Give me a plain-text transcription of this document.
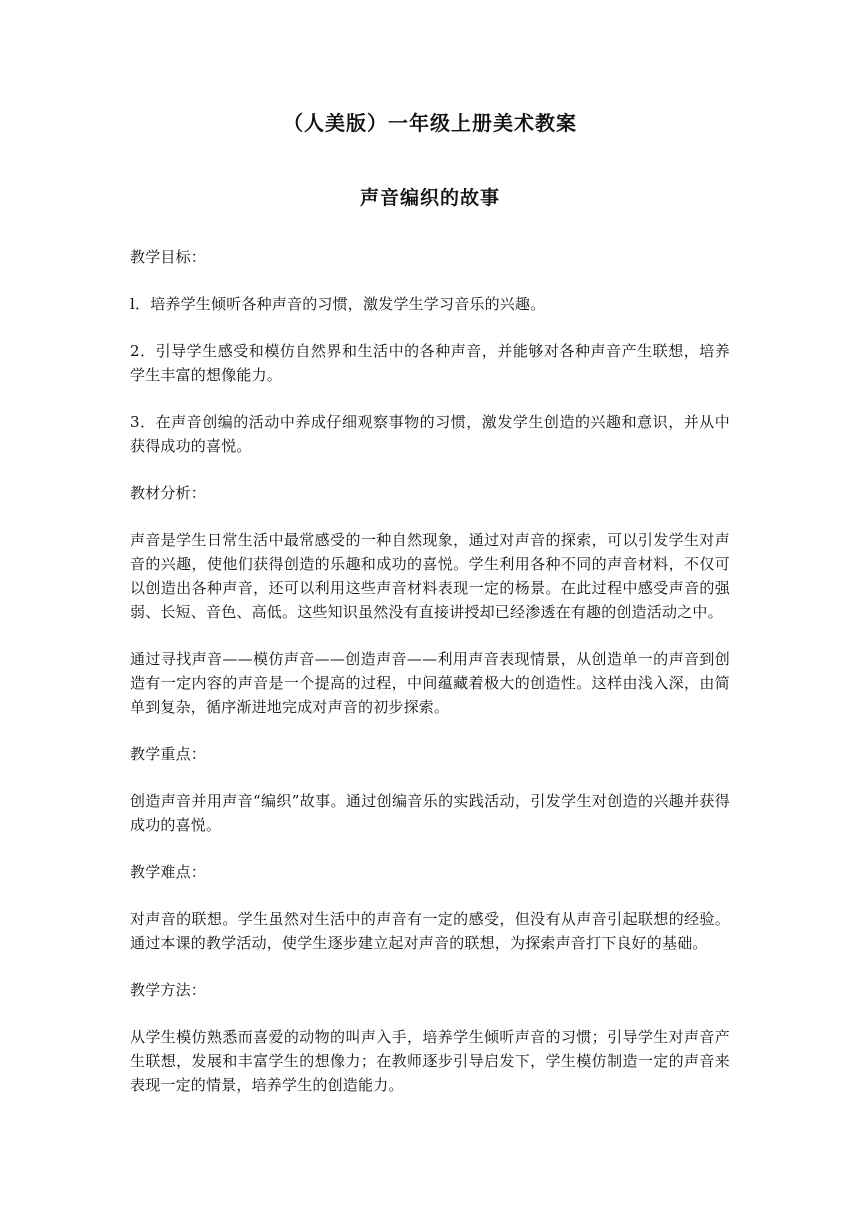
（人美版）一年级上册美术教案
声音编织的故事

教学目标：

l．培养学生倾听各种声音的习惯，激发学生学习音乐的兴趣。

2．引导学生感受和模仿自然界和生活中的各种声音，并能够对各种声音产生联想，培养学生丰富的想像能力。

3．在声音创编的活动中养成仔细观察事物的习惯，激发学生创造的兴趣和意识，并从中获得成功的喜悦。

教材分析：

声音是学生日常生活中最常感受的一种自然现象，通过对声音的探索，可以引发学生对声音的兴趣，使他们获得创造的乐趣和成功的喜悦。学生利用各种不同的声音材料，不仅可以创造出各种声音，还可以利用这些声音材料表现一定的杨景。在此过程中感受声音的强弱、长短、音色、高低。这些知识虽然没有直接讲授却已经渗透在有趣的创造活动之中。

通过寻找声音——模仿声音——创造声音——利用声音表现情景，从创造单一的声音到创造有一定内容的声音是一个提高的过程，中间蕴藏着极大的创造性。这样由浅入深，由简单到复杂，循序渐进地完成对声音的初步探索。

教学重点：

创造声音并用声音“编织”故事。通过创编音乐的实践活动，引发学生对创造的兴趣并获得成功的喜悦。

教学难点：

对声音的联想。学生虽然对生活中的声音有一定的感受，但没有从声音引起联想的经验。通过本课的教学活动，使学生逐步建立起对声音的联想，为探索声音打下良好的基础。

教学方法：

从学生模仿熟悉而喜爱的动物的叫声入手，培养学生倾听声音的习惯；引导学生对声音产生联想，发展和丰富学生的想像力；在教师逐步引导启发下，学生模仿制造一定的声音来表现一定的情景，培养学生的创造能力。
